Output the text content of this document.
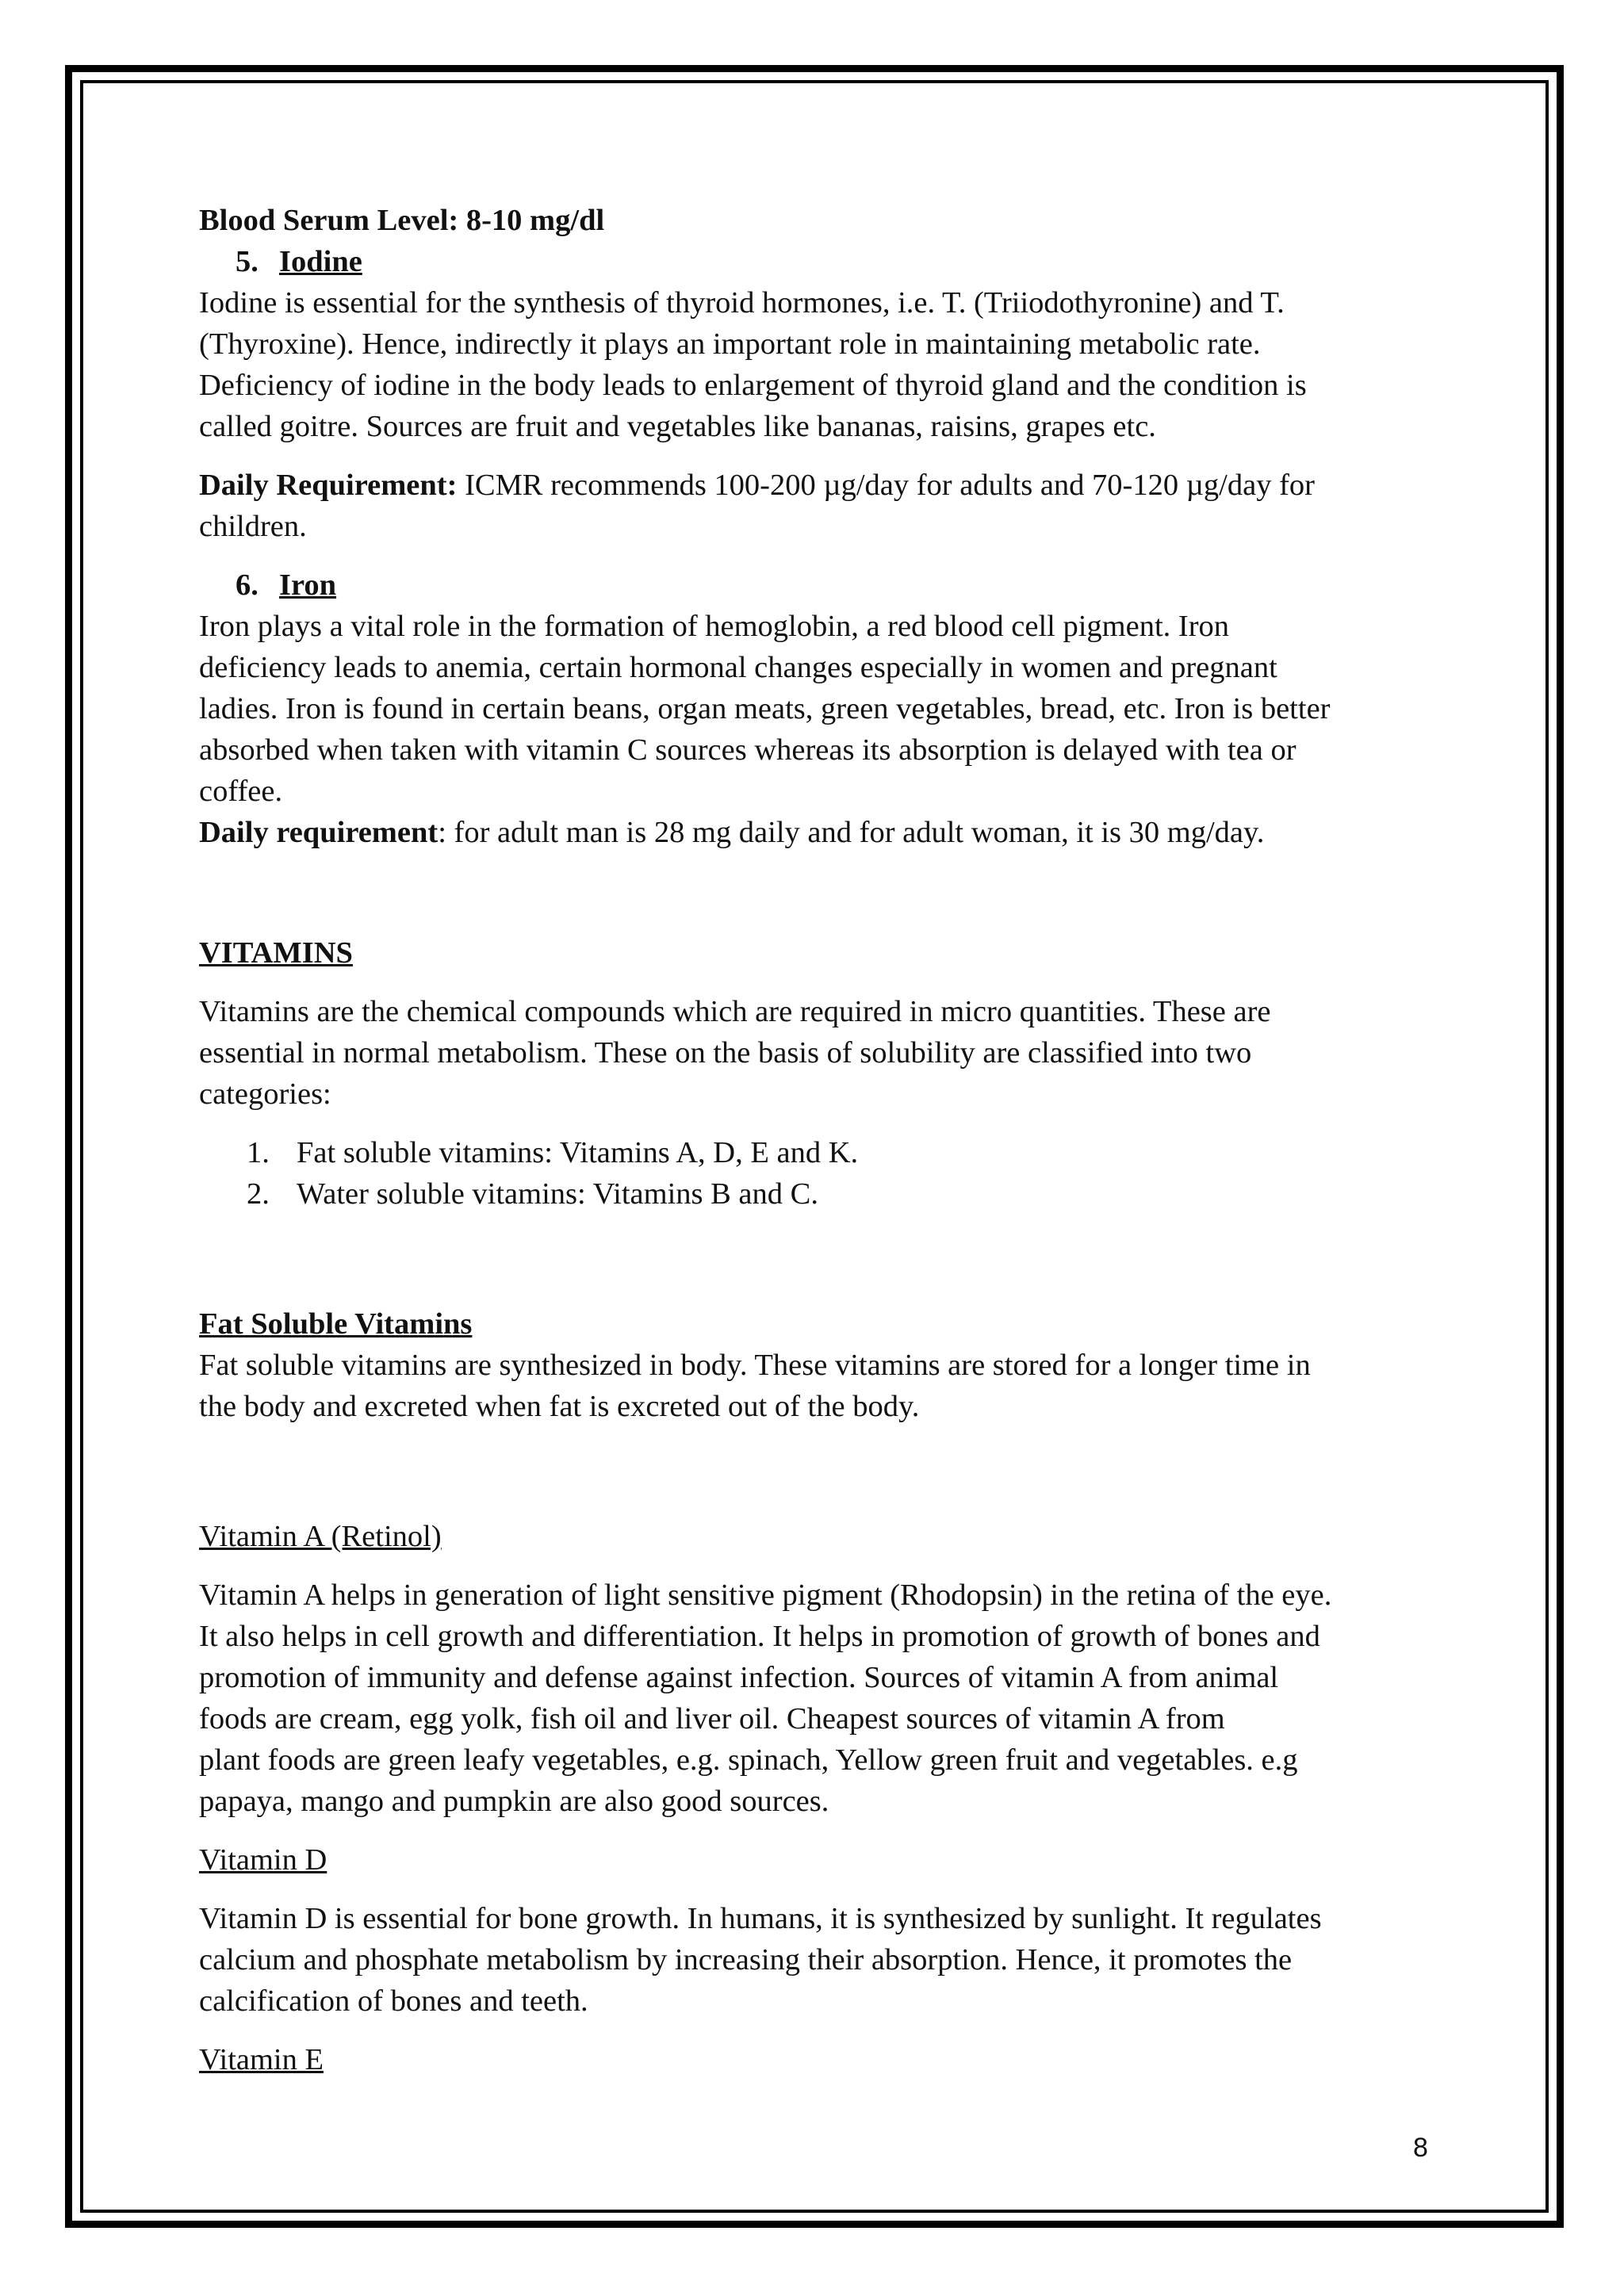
Blood Serum Level: 8-10 mg/dl

5. Iodine

Iodine is essential for the synthesis of thyroid hormones, i.e. T. (Triiodothyronine) and T.

(Thyroxine). Hence, indirectly it plays an important role in maintaining metabolic rate.

Deficiency of iodine in the body leads to enlargement of thyroid gland and the condition is

called goitre. Sources are fruit and vegetables like bananas, raisins, grapes etc.

Daily Requirement: ICMR recommends 100-200 µg/day for adults and 70-120 µg/day for

children.

6. Iron

Iron plays a vital role in the formation of hemoglobin, a red blood cell pigment. Iron

deficiency leads to anemia, certain hormonal changes especially in women and pregnant

ladies. Iron is found in certain beans, organ meats, green vegetables, bread, etc. Iron is better

absorbed when taken with vitamin C sources whereas its absorption is delayed with tea or

coffee.

Daily requirement: for adult man is 28 mg daily and for adult woman, it is 30 mg/day.

VITAMINS

Vitamins are the chemical compounds which are required in micro quantities. These are

essential in normal metabolism. These on the basis of solubility are classified into two

categories:

1. Fat soluble vitamins: Vitamins A, D, E and K.
2. Water soluble vitamins: Vitamins B and C.

Fat Soluble Vitamins

Fat soluble vitamins are synthesized in body. These vitamins are stored for a longer time in

the body and excreted when fat is excreted out of the body.

Vitamin A (Retinol)

Vitamin A helps in generation of light sensitive pigment (Rhodopsin) in the retina of the eye.

It also helps in cell growth and differentiation. It helps in promotion of growth of bones and

promotion of immunity and defense against infection. Sources of vitamin A from animal

foods are cream, egg yolk, fish oil and liver oil. Cheapest sources of vitamin A from

plant foods are green leafy vegetables, e.g. spinach, Yellow green fruit and vegetables. e.g

papaya, mango and pumpkin are also good sources.

Vitamin D

Vitamin D is essential for bone growth. In humans, it is synthesized by sunlight. It regulates

calcium and phosphate metabolism by increasing their absorption. Hence, it promotes the

calcification of bones and teeth.

Vitamin E

8
